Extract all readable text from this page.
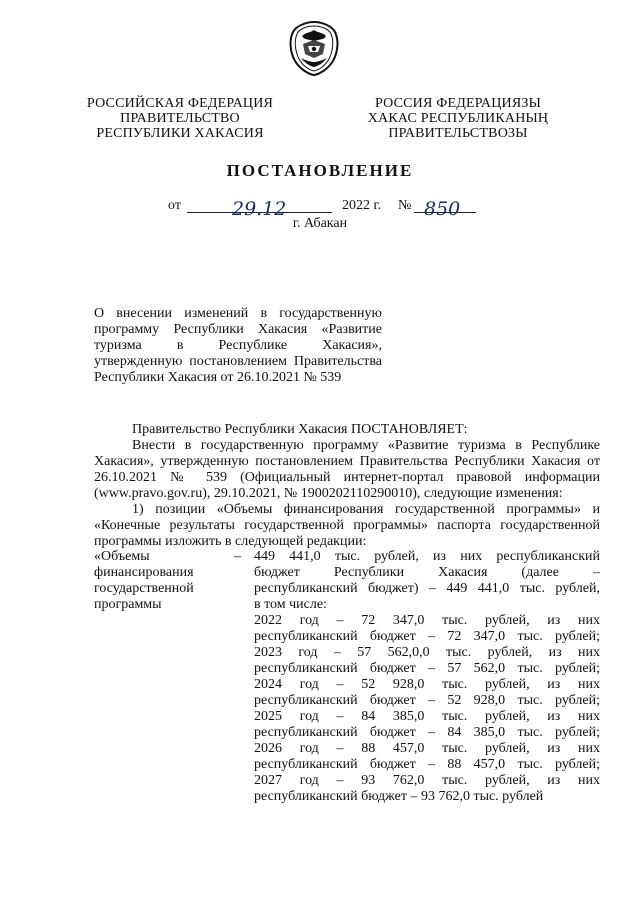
РОССИЙСКАЯ ФЕДЕРАЦИЯ
ПРАВИТЕЛЬСТВО
РЕСПУБЛИКИ ХАКАСИЯ
РОССИЯ ФЕДЕРАЦИЯЗЫ
ХАКАС РЕСПУБЛИКАНЫҢ
ПРАВИТЕЛЬСТВОЗЫ
ПОСТАНОВЛЕНИЕ
от	29.12	2022 г. № 850
г. Абакан
О внесении изменений в государственную
программу Республики Хакасия «Развитие
туризма в Республике Хакасия»,
утвержденную постановлением Правительства
Республики Хакасия от 26.10.2021 № 539

Правительство Республики Хакасия ПОСТАНОВЛЯЕТ:

Внести в государственную программу «Развитие туризма в Республике Хакасия», утвержденную постановлением Правительства Республики Хакасия от 26.10.2021 № 539 (Официальный интернет-портал правовой информации (www.pravo.gov.ru), 29.10.2021, № 1900202110290010), следующие изменения:

1) позиции «Объемы финансирования государственной программы» и «Конечные результаты государственной программы» паспорта государственной программы изложить в следующей редакции:

«Объемы
финансирования
государственной
программы
– 449 441,0 тыс. рублей, из них республиканский
бюджет Республики Хакасия (далее –
республиканский бюджет) – 449 441,0 тыс. рублей,
в том числе:
2022 год – 72 347,0 тыс. рублей, из них
республиканский бюджет – 72 347,0 тыс. рублей;
2023 год – 57 562,0,0 тыс. рублей, из них
республиканский бюджет – 57 562,0 тыс. рублей;
2024 год – 52 928,0 тыс. рублей, из них
республиканский бюджет – 52 928,0 тыс. рублей;
2025 год – 84 385,0 тыс. рублей, из них
республиканский бюджет – 84 385,0 тыс. рублей;
2026 год – 88 457,0 тыс. рублей, из них
республиканский бюджет – 88 457,0 тыс. рублей;
2027 год – 93 762,0 тыс. рублей, из них
республиканский бюджет – 93 762,0 тыс. рублей
